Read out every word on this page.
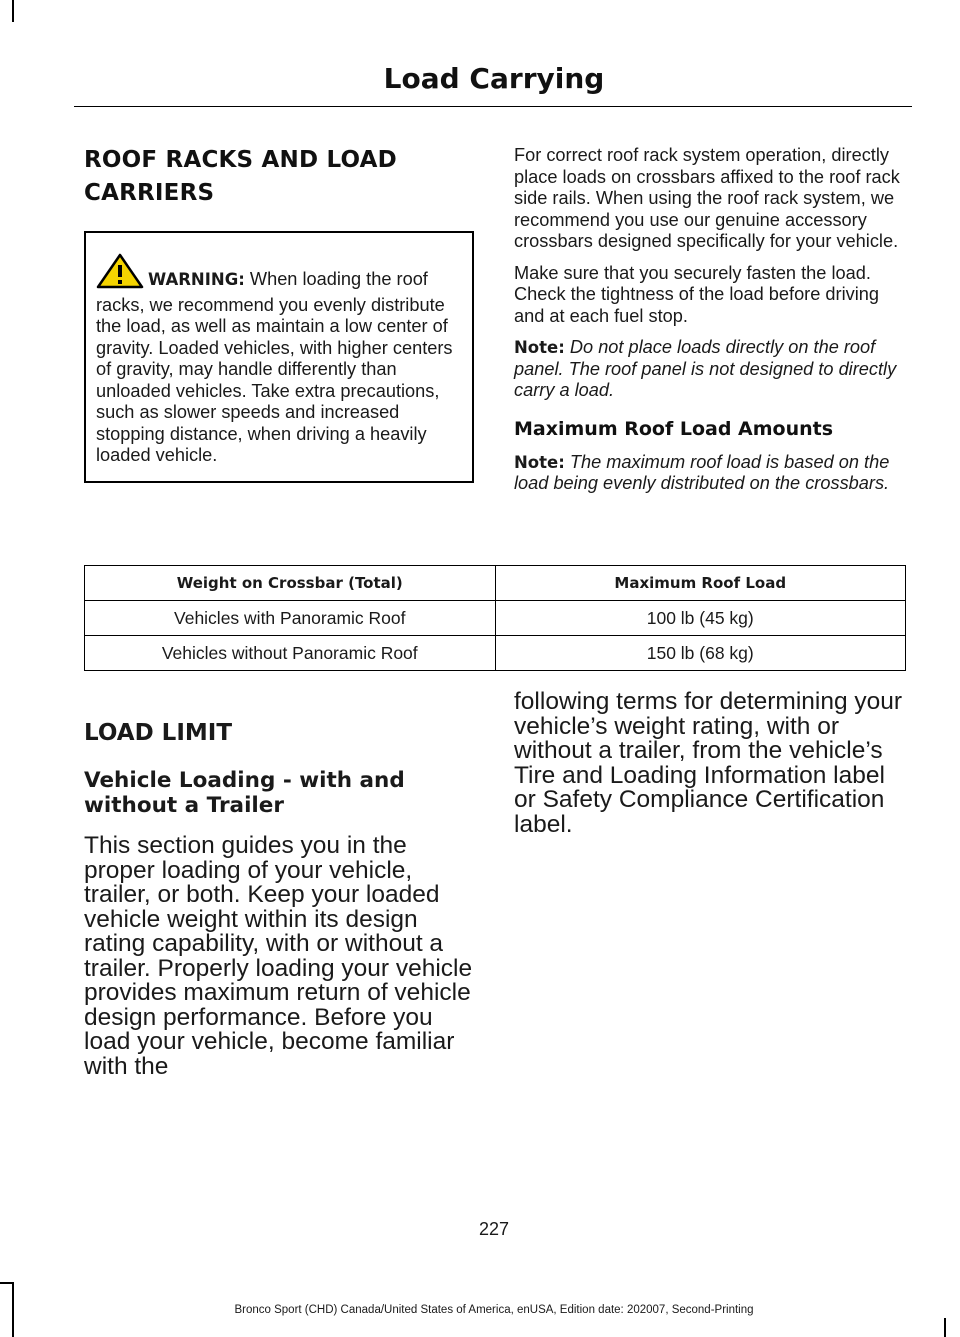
Load Carrying
ROOF RACKS AND LOAD
CARRIERS
WARNING: When loading the roof racks, we recommend you evenly distribute the load, as well as maintain a low center of gravity. Loaded vehicles, with higher centers of gravity, may handle differently than unloaded vehicles. Take extra precautions, such as slower speeds and increased stopping distance, when driving a heavily loaded vehicle.

For correct roof rack system operation, directly place loads on crossbars affixed to the roof rack side rails. When using the roof rack system, we recommend you use our genuine accessory crossbars designed specifically for your vehicle.

Make sure that you securely fasten the load. Check the tightness of the load before driving and at each fuel stop.

Note: Do not place loads directly on the roof panel. The roof panel is not designed to directly carry a load.

Maximum Roof Load Amounts

Note: The maximum roof load is based on the load being evenly distributed on the crossbars.

Weight on Crossbar (Total)	Maximum Roof Load
Vehicles with Panoramic Roof	100 lb (45 kg)
Vehicles without Panoramic Roof	150 lb (68 kg)
LOAD LIMIT
Vehicle Loading - with and without a Trailer

This section guides you in the proper loading of your vehicle, trailer, or both. Keep your loaded vehicle weight within its design rating capability, with or without a trailer. Properly loading your vehicle provides maximum return of vehicle design performance. Before you load your vehicle, become familiar with the

following terms for determining your vehicle’s weight rating, with or without a trailer, from the vehicle’s Tire and Loading Information label or Safety Compliance Certification label.

227
Bronco Sport (CHD) Canada/United States of America, enUSA, Edition date: 202007, Second-Printing
